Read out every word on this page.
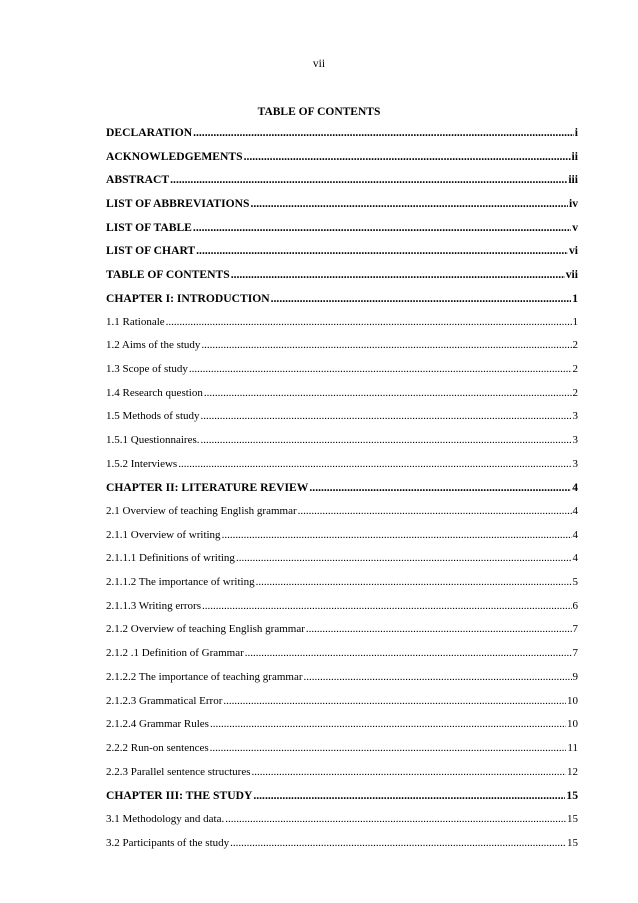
vii
TABLE OF CONTENTS
DECLARATION .....	i
ACKNOWLEDGEMENTS .....	ii
ABSTRACT .....	iii
LIST OF ABBREVIATIONS .....	iv
LIST OF TABLE .....	v
LIST OF CHART .....	vi
TABLE OF CONTENTS .....	vii
CHAPTER I: INTRODUCTION .....	1
1.1 Rationale .....	1
1.2 Aims of the study .....	2
1.3 Scope of study .....	2
1.4 Research question .....	2
1.5 Methods of study .....	3
1.5.1 Questionnaires. .....	3
1.5.2 Interviews .....	3
CHAPTER II: LITERATURE REVIEW .....	4
2.1 Overview of teaching English grammar .....	4
2.1.1 Overview of writing .....	4
2.1.1.1 Definitions of writing .....	4
2.1.1.2 The importance of writing .....	5
2.1.1.3 Writing errors .....	6
2.1.2 Overview of teaching English grammar .....	7
2.1.2 .1 Definition of Grammar .....	7
2.1.2.2 The importance of teaching grammar .....	9
2.1.2.3 Grammatical Error .....	10
2.1.2.4 Grammar Rules .....	10
2.2.2 Run-on sentences .....	11
2.2.3 Parallel sentence structures .....	12
CHAPTER III: THE STUDY .....	15
3.1 Methodology and data. .....	15
3.2 Participants of the study .....	15
